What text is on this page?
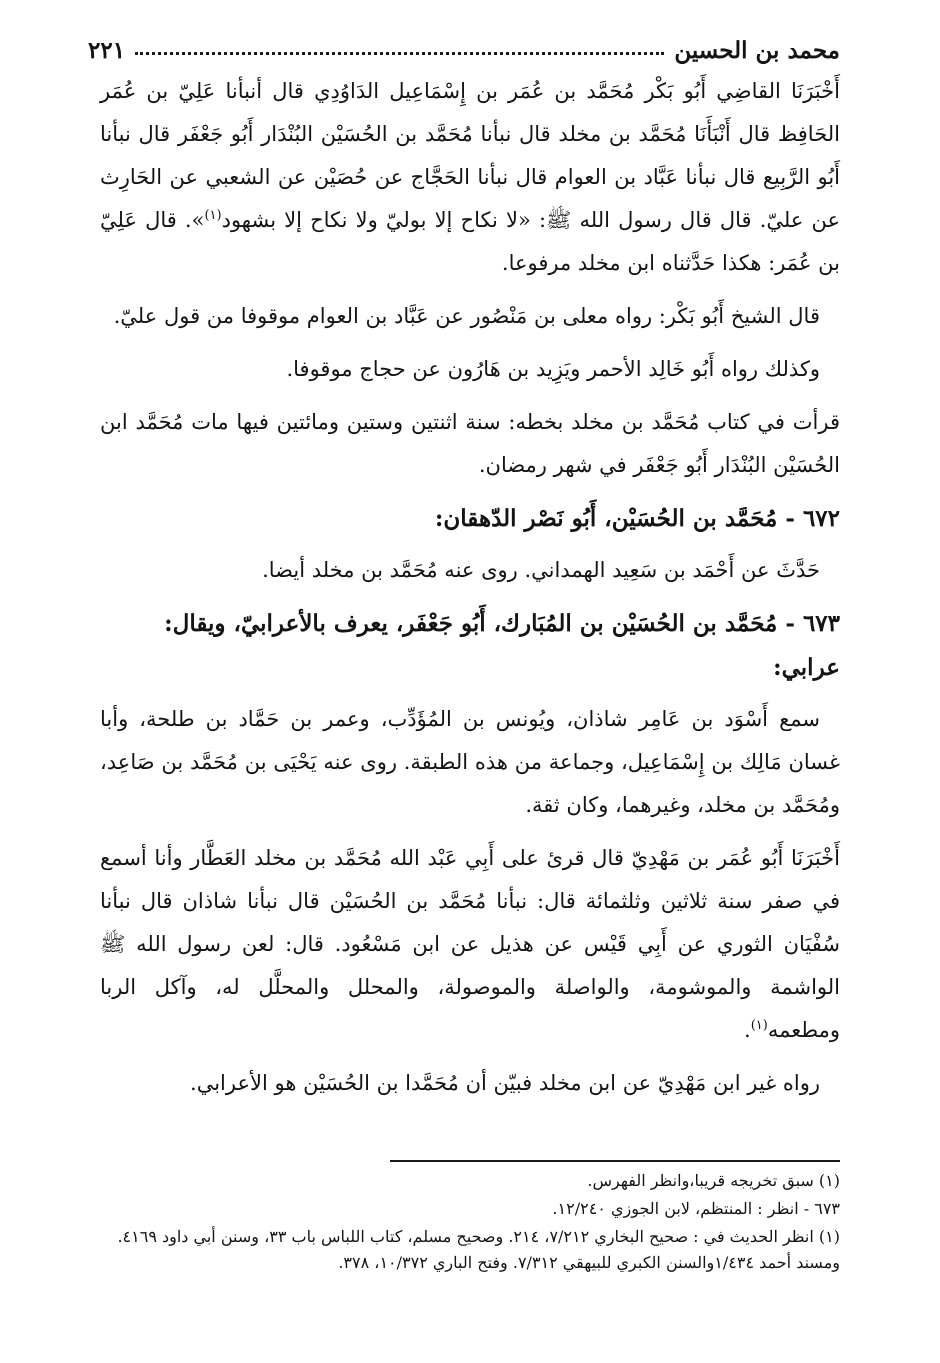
محمد بن الحسين
٢٢١

أَخْبَرَنَا القاضِي أَبُو بَكْر مُحَمَّد بن عُمَر بن إِسْمَاعِيل الدَاوُدِي قال أنبأنا عَلِيّ بن عُمَر الحَافِظ قال أَنْبَأَنَا مُحَمَّد بن مخلد قال نبأنا مُحَمَّد بن الحُسَيْن البُنْدَار أَبُو جَعْفَر قال نبأنا أَبُو الرَّبِيع قال نبأنا عَبَّاد بن العوام قال نبأنا الحَجَّاج عن حُصَيْن عن الشعبي عن الحَارِث عن عليّ. قال قال رسول الله ﷺ: «لا نكاح إلا بوليّ ولا نكاح إلا بشهود$^{(١)}$». قال عَلِيّ بن عُمَر: هكذا حَدَّثناه ابن مخلد مرفوعا.

قال الشيخ أَبُو بَكْر: رواه معلى بن مَنْصُور عن عَبَّاد بن العوام موقوفا من قول عليّ.

وكذلك رواه أَبُو خَالِد الأحمر ويَزِيد بن هَارُون عن حجاج موقوفا.

قرأت في كتاب مُحَمَّد بن مخلد بخطه: سنة اثنتين وستين ومائتين فيها مات مُحَمَّد ابن الحُسَيْن البُنْدَار أَبُو جَعْفَر في شهر رمضان.

٦٧٢ - مُحَمَّد بن الحُسَيْن، أَبُو نَصْر الدّهقان:

حَدَّثَ عن أَحْمَد بن سَعِيد الهمداني. روى عنه مُحَمَّد بن مخلد أيضا.

٦٧٣ - مُحَمَّد بن الحُسَيْن بن المُبَارك، أَبُو جَعْفَر، يعرف بالأعرابيّ، ويقال: عرابي:

سمع أَسْوَد بن عَامِر شاذان، ويُونس بن المُؤَدِّب، وعمر بن حَمَّاد بن طلحة، وأبا غسان مَالِك بن إِسْمَاعِيل، وجماعة من هذه الطبقة. روى عنه يَحْيَى بن مُحَمَّد بن صَاعِد، ومُحَمَّد بن مخلد، وغيرهما، وكان ثقة.

أَخْبَرَنَا أَبُو عُمَر بن مَهْدِيّ قال قرئ على أَبِي عَبْد الله مُحَمَّد بن مخلد العَطَّار وأنا أسمع في صفر سنة ثلاثين وثلثمائة قال: نبأنا مُحَمَّد بن الحُسَيْن قال نبأنا شاذان قال نبأنا سُفْيَان الثوري عن أَبِي قَيْس عن هذيل عن ابن مَسْعُود. قال: لعن رسول الله ﷺ الواشمة والموشومة، والواصلة والموصولة، والمحلل والمحلَّل له، وآكل الربا ومطعمه$^{(١)}$.

رواه غير ابن مَهْدِيّ عن ابن مخلد فبيّن أن مُحَمَّدا بن الحُسَيْن هو الأعرابي.

(١) سبق تخريجه قريبا،وانظر الفهرس.

٦٧٣ - انظر : المنتظم، لابن الجوزي ١٢/٢٤٠.

(١) انظر الحديث في : صحيح البخاري ٧/٢١٢، ٢١٤. وصحيح مسلم، كتاب اللباس باب ٣٣، وسنن أبي داود ٤١٦٩. ومسند أحمد ١/٤٣٤والسنن الكبري للبيهقي ٧/٣١٢. وفتح الباري ١٠/٣٧٢، ٣٧٨.
